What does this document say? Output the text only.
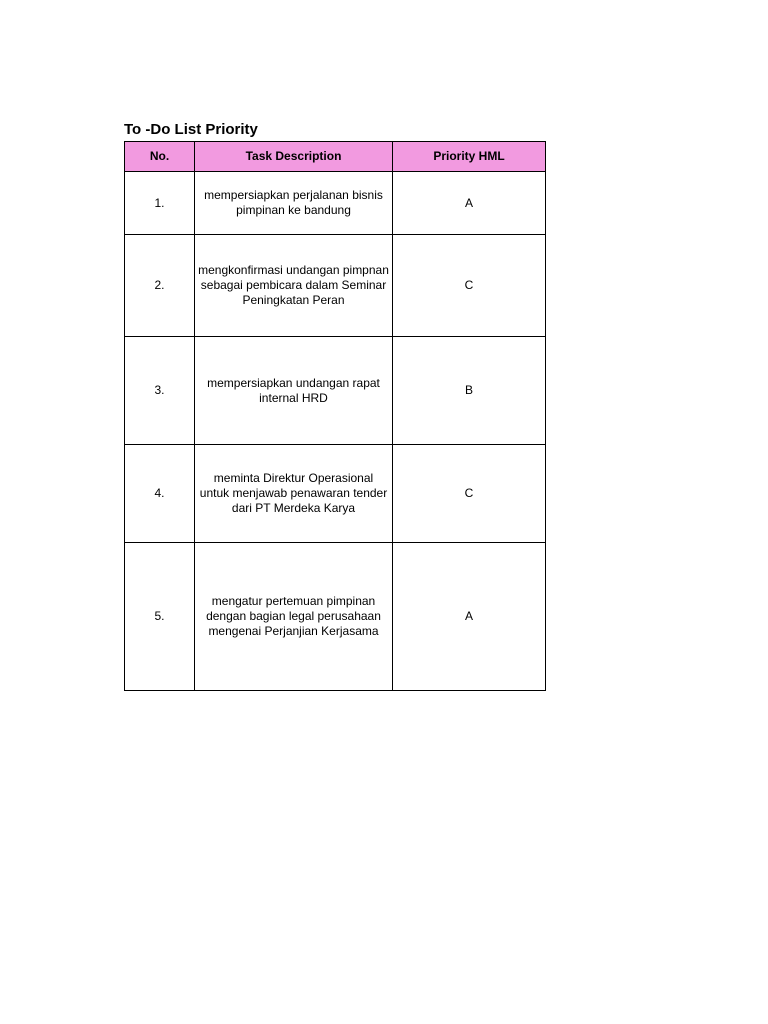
To -Do List Priority
No.	Task Description	Priority HML
1.	mempersiapkan perjalanan bisnis pimpinan ke bandung	A
2.	mengkonfirmasi undangan pimpnan sebagai pembicara dalam Seminar Peningkatan Peran	C
3.	mempersiapkan undangan rapat internal HRD	B
4.	meminta Direktur Operasional untuk menjawab penawaran tender dari PT Merdeka Karya	C
5.	mengatur pertemuan pimpinan dengan bagian legal perusahaan mengenai Perjanjian Kerjasama	A
